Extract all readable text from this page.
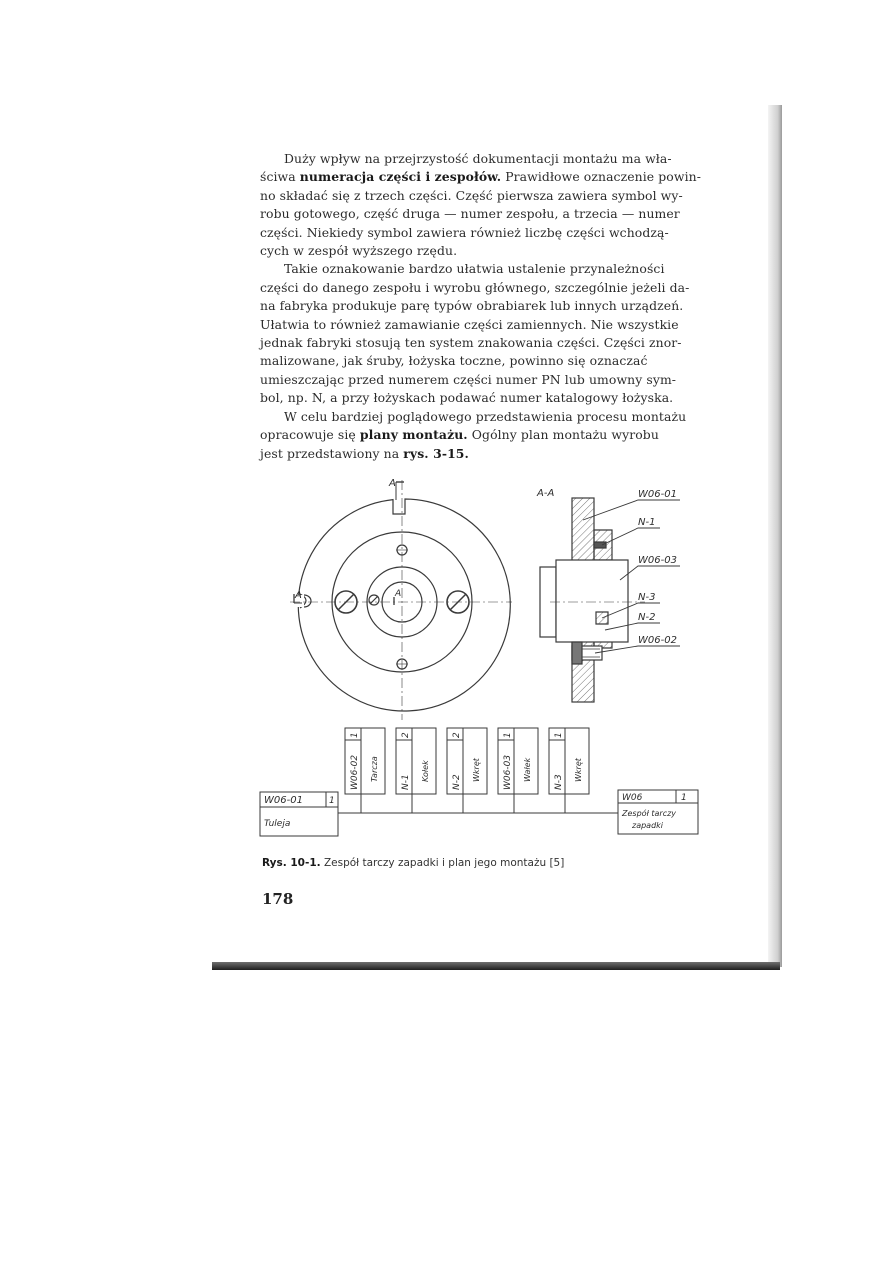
Duży wpływ na przejrzystość dokumentacji montażu ma wła-
ściwa numeracja części i zespołów. Prawidłowe oznaczenie powin-
no składać się z trzech części. Część pierwsza zawiera symbol wy-
robu gotowego, część druga — numer zespołu, a trzecia — numer
części. Niekiedy symbol zawiera również liczbę części wchodzą-
cych w zespół wyższego rzędu.

Takie oznakowanie bardzo ułatwia ustalenie przynależności
części do danego zespołu i wyrobu głównego, szczególnie jeżeli da-
na fabryka produkuje parę typów obrabiarek lub innych urządzeń.
Ułatwia to również zamawianie części zamiennych. Nie wszystkie
jednak fabryki stosują ten system znakowania części. Części znor-
malizowane, jak śruby, łożyska toczne, powinno się oznaczać
umieszczając przed numerem części numer PN lub umowny sym-
bol, np. N, a przy łożyskach podawać numer katalogowy łożyska.

W celu bardziej poglądowego przedstawienia procesu montażu
opracowuje się plany montażu. Ogólny plan montażu wyrobu
jest przedstawiony na rys. 3-15.

A
A	A
A-A	W06-01
N-1
W06-03
N-3
N-2
W06-02
W06-01	1
Tuleja
W06	1
Zespół tarczy
zapadki
1
W06-02 Tarcza
2
N-1
Kołek
2
N-2
Wkręt
1
W06-03 Wałek
1
N-3
Wkręt
Rys. 10-1. Zespół tarczy zapadki i plan jego montażu [5]
178
